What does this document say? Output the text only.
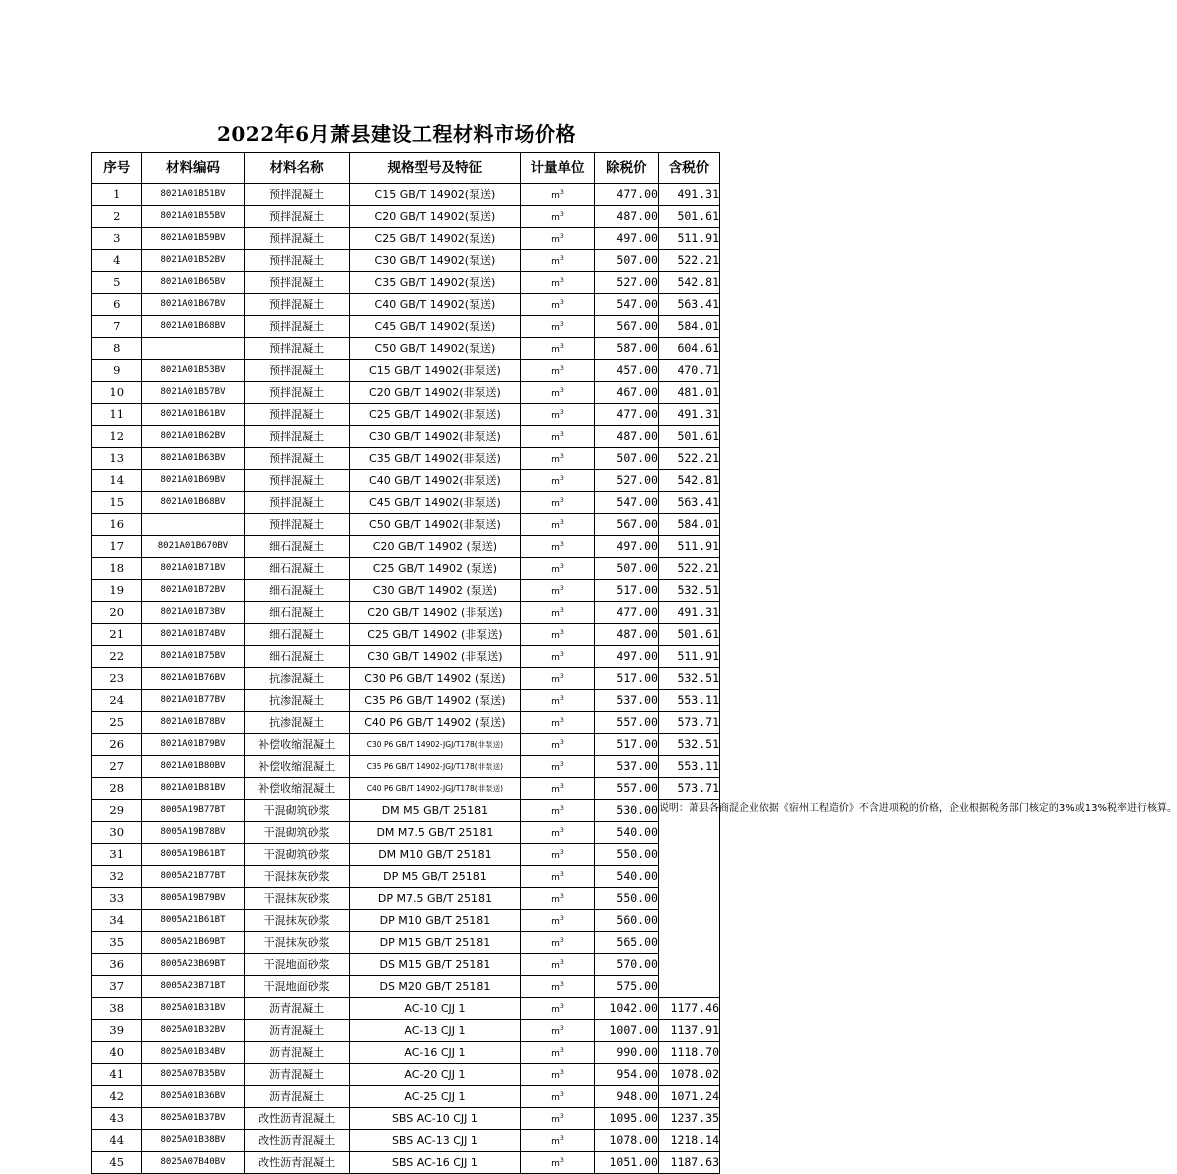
2022年6月萧县建设工程材料市场价格
序号	材料编码	材料名称	规格型号及特征	计量单位	除税价	含税价
1	8021A01B51BV	预拌混凝土	C15 GB/T 14902(泵送)	$m^3$	477.00	491.31
2	8021A01B55BV	预拌混凝土	C20 GB/T 14902(泵送)	$m^3$	487.00	501.61
3	8021A01B59BV	预拌混凝土	C25 GB/T 14902(泵送)	$m^3$	497.00	511.91
4	8021A01B52BV	预拌混凝土	C30 GB/T 14902(泵送)	$m^3$	507.00	522.21
5	8021A01B65BV	预拌混凝土	C35 GB/T 14902(泵送)	$m^3$	527.00	542.81
6	8021A01B67BV	预拌混凝土	C40 GB/T 14902(泵送)	$m^3$	547.00	563.41
7	8021A01B68BV	预拌混凝土	C45 GB/T 14902(泵送)	$m^3$	567.00	584.01
8		预拌混凝土	C50 GB/T 14902(泵送)	$m^3$	587.00	604.61
9	8021A01B53BV	预拌混凝土	C15 GB/T 14902(非泵送)	$m^3$	457.00	470.71
10	8021A01B57BV	预拌混凝土	C20 GB/T 14902(非泵送)	$m^3$	467.00	481.01
11	8021A01B61BV	预拌混凝土	C25 GB/T 14902(非泵送)	$m^3$	477.00	491.31
12	8021A01B62BV	预拌混凝土	C30 GB/T 14902(非泵送)	$m^3$	487.00	501.61
13	8021A01B63BV	预拌混凝土	C35 GB/T 14902(非泵送)	$m^3$	507.00	522.21
14	8021A01B69BV	预拌混凝土	C40 GB/T 14902(非泵送)	$m^3$	527.00	542.81
15	8021A01B68BV	预拌混凝土	C45 GB/T 14902(非泵送)	$m^3$	547.00	563.41
16		预拌混凝土	C50 GB/T 14902(非泵送)	$m^3$	567.00	584.01
17	8021A01B670BV	细石混凝土	C20 GB/T 14902 (泵送)	$m^3$	497.00	511.91
18	8021A01B71BV	细石混凝土	C25 GB/T 14902 (泵送)	$m^3$	507.00	522.21
19	8021A01B72BV	细石混凝土	C30 GB/T 14902 (泵送)	$m^3$	517.00	532.51
20	8021A01B73BV	细石混凝土	C20 GB/T 14902 (非泵送)	$m^3$	477.00	491.31
21	8021A01B74BV	细石混凝土	C25 GB/T 14902 (非泵送)	$m^3$	487.00	501.61
22	8021A01B75BV	细石混凝土	C30 GB/T 14902 (非泵送)	$m^3$	497.00	511.91
23	8021A01B76BV	抗渗混凝土	C30 P6 GB/T 14902 (泵送)	$m^3$	517.00	532.51
24	8021A01B77BV	抗渗混凝土	C35 P6 GB/T 14902 (泵送)	$m^3$	537.00	553.11
25	8021A01B78BV	抗渗混凝土	C40 P6 GB/T 14902 (泵送)	$m^3$	557.00	573.71
26	8021A01B79BV	补偿收缩混凝土	C30 P6 GB/T 14902-JGJ/T178(非泵送)	$m^3$	517.00	532.51
27	8021A01B80BV	补偿收缩混凝土	C35 P6 GB/T 14902-JGJ/T178(非泵送)	$m^3$	537.00	553.11
28	8021A01B81BV	补偿收缩混凝土	C40 P6 GB/T 14902-JGJ/T178(非泵送)	$m^3$	557.00	573.71
29	8005A19B77BT	干混砌筑砂浆	DM M5 GB/T 25181	$m^3$	530.00	说明：萧县各商混企业依据《宿州工程造价》不含进项税的价格，企业根据税务部门核定的3%或13%税率进行核算。
30	8005A19B78BV	干混砌筑砂浆	DM M7.5 GB/T 25181	$m^3$	540.00	
31	8005A19B61BT	干混砌筑砂浆	DM M10 GB/T 25181	$m^3$	550.00	
32	8005A21B77BT	干混抹灰砂浆	DP M5 GB/T 25181	$m^3$	540.00	
33	8005A19B79BV	干混抹灰砂浆	DP M7.5 GB/T 25181	$m^3$	550.00	
34	8005A21B61BT	干混抹灰砂浆	DP M10 GB/T 25181	$m^3$	560.00	
35	8005A21B69BT	干混抹灰砂浆	DP M15 GB/T 25181	$m^3$	565.00	
36	8005A23B69BT	干混地面砂浆	DS M15 GB/T 25181	$m^3$	570.00	
37	8005A23B71BT	干混地面砂浆	DS M20 GB/T 25181	$m^3$	575.00	
38	8025A01B31BV	沥青混凝土	AC-10 CJJ 1	$m^3$	1042.00	1177.46
39	8025A01B32BV	沥青混凝土	AC-13 CJJ 1	$m^3$	1007.00	1137.91
40	8025A01B34BV	沥青混凝土	AC-16 CJJ 1	$m^3$	990.00	1118.70
41	8025A07B35BV	沥青混凝土	AC-20 CJJ 1	$m^3$	954.00	1078.02
42	8025A01B36BV	沥青混凝土	AC-25 CJJ 1	$m^3$	948.00	1071.24
43	8025A01B37BV	改性沥青混凝土	SBS AC-10 CJJ 1	$m^3$	1095.00	1237.35
44	8025A01B38BV	改性沥青混凝土	SBS AC-13 CJJ 1	$m^3$	1078.00	1218.14
45	8025A07B40BV	改性沥青混凝土	SBS AC-16 CJJ 1	$m^3$	1051.00	1187.63
